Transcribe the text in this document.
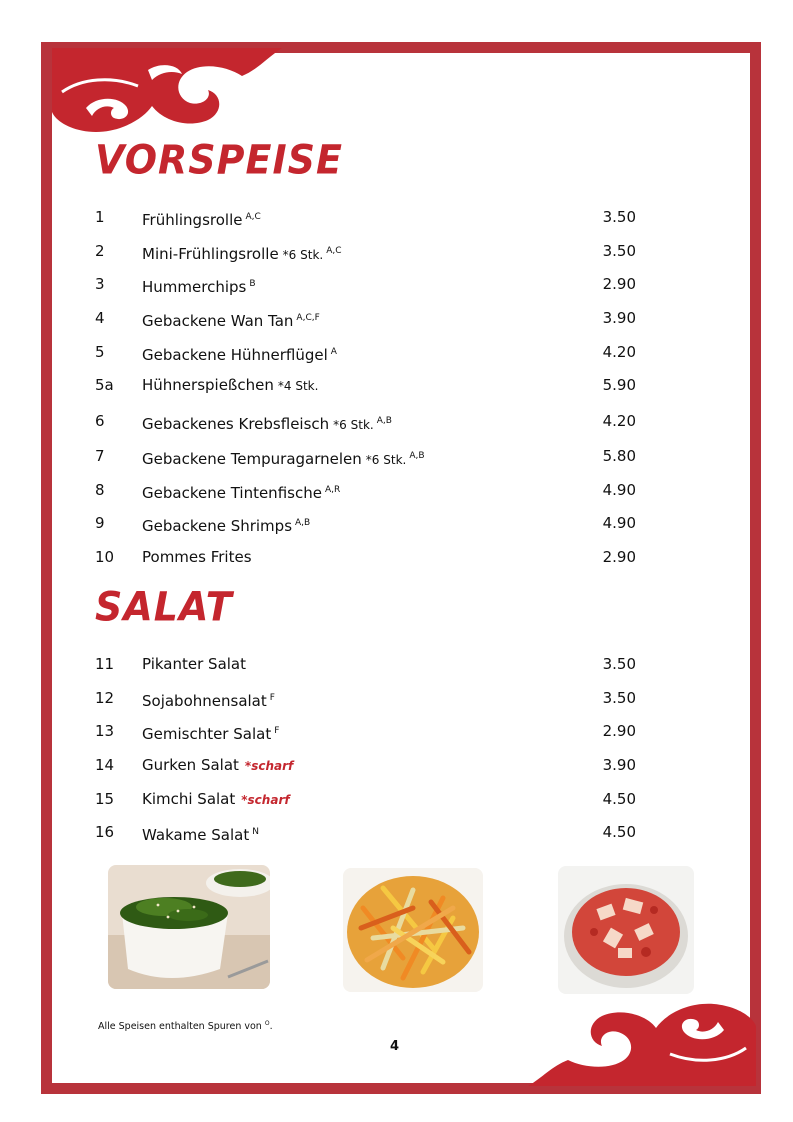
VORSPEISE
1 Frühlingsrolle $^{A,C}$	3.50
2 Mini-Frühlingsrolle *6 Stk. $^{A,C}$	3.50
3 Hummerchips $^B$	2.90
4 Gebackene Wan Tan $^{A,C,F}$	3.90
5 Gebackene Hühnerflügel $^A$	4.20
5a Hühnerspießchen *4 Stk.	5.90
6 Gebackenes Krebsfleisch *6 Stk. $^{A,B}$	4.20
7 Gebackene Tempuragarnelen *6 Stk. $^{A,B}$	5.80
8 Gebackene Tintenfische $^{A,R}$	4.90
9 Gebackene Shrimps $^{A,B}$	4.90
10 Pommes Frites	2.90
SALAT
11 Pikanter Salat	3.50
12 Sojabohnensalat $^F$	3.50
13 Gemischter Salat $^F$	2.90
14 Gurken Salat *scharf	3.90
15 Kimchi Salat *scharf	4.50
16 Wakame Salat $^N$	4.50
Alle Speisen enthalten Spuren von $^O$.
4
